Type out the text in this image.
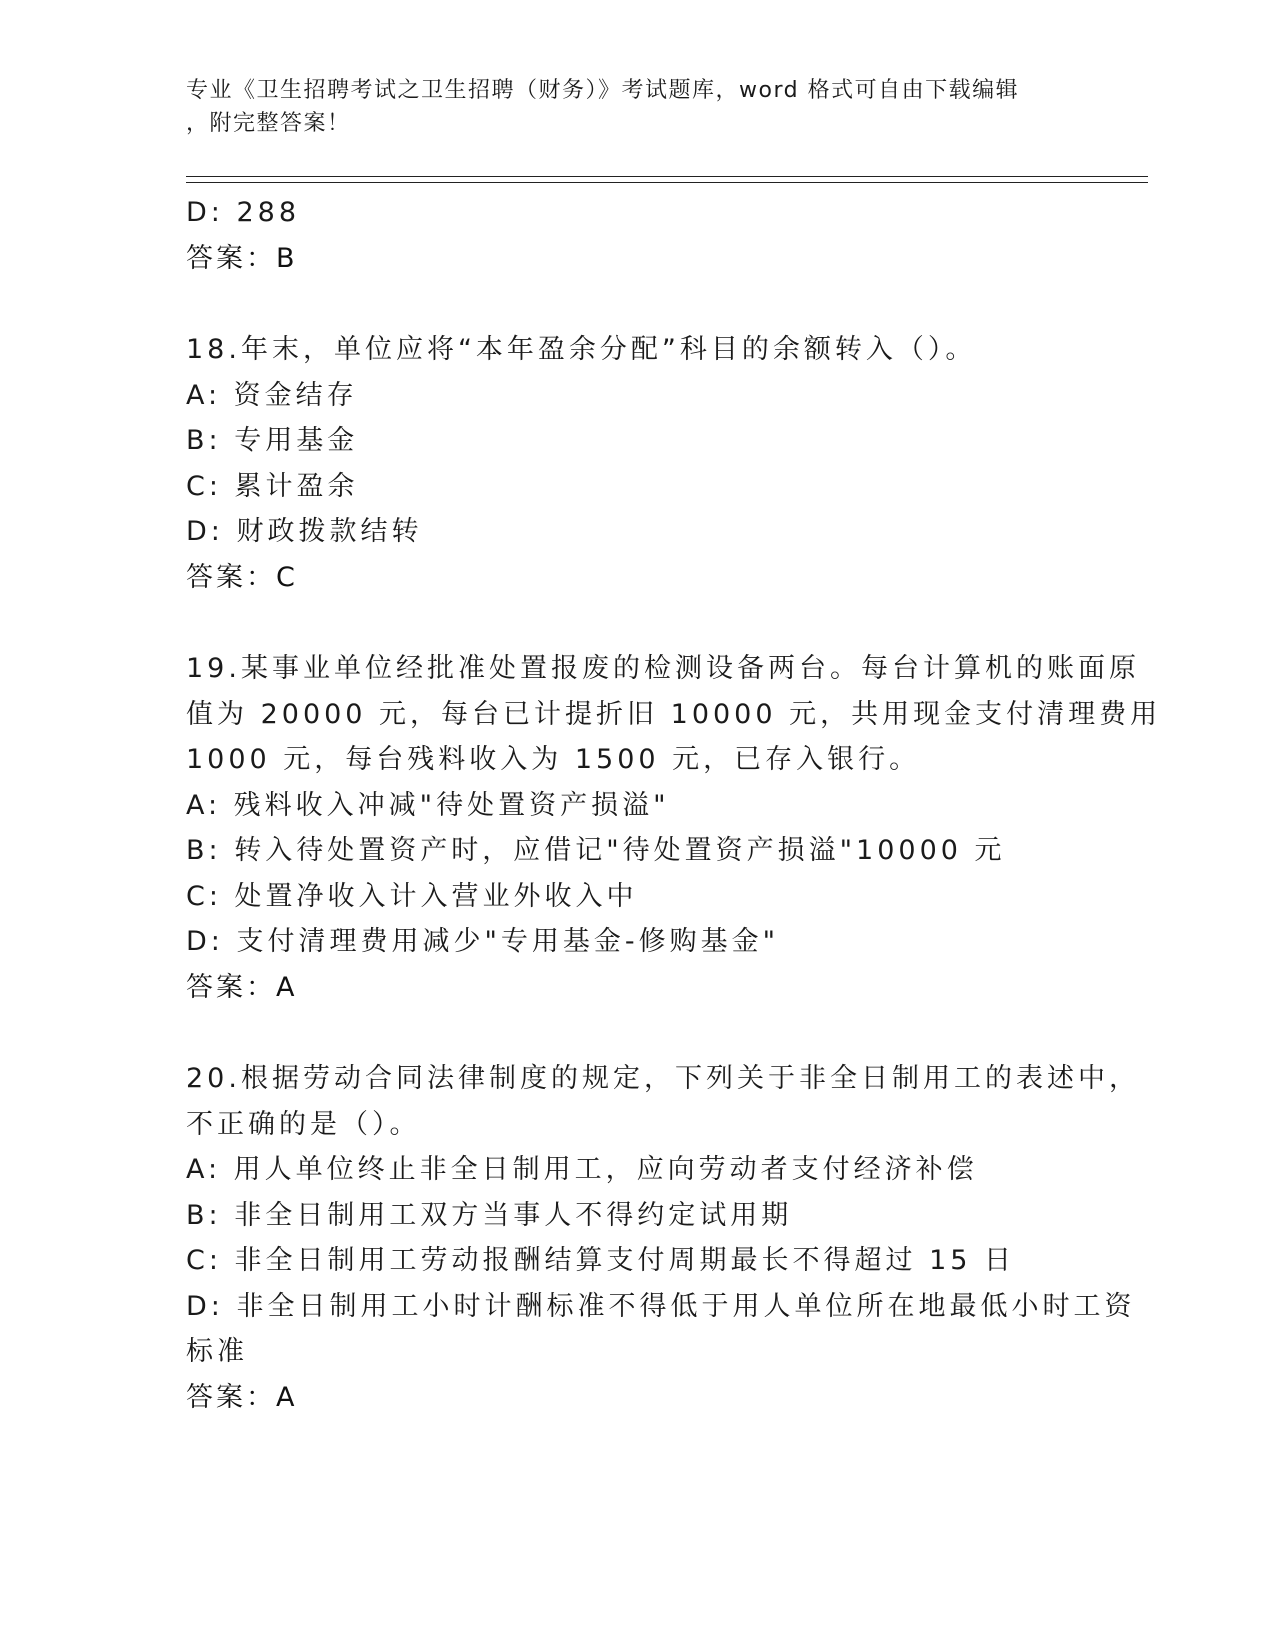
专业《卫生招聘考试之卫生招聘（财务）》考试题库，word 格式可自由下载编辑
，附完整答案！
D: 288
答案：B
18.年末，单位应将“本年盈余分配”科目的余额转入（）。
A: 资金结存
B: 专用基金
C: 累计盈余
D: 财政拨款结转
答案：C
19.某事业单位经批准处置报废的检测设备两台。每台计算机的账面原
值为 20000 元，每台已计提折旧 10000 元，共用现金支付清理费用
1000 元，每台残料收入为 1500 元，已存入银行。
A: 残料收入冲减"待处置资产损溢"
B: 转入待处置资产时，应借记"待处置资产损溢"10000 元
C: 处置净收入计入营业外收入中
D: 支付清理费用减少"专用基金-修购基金"
答案：A
20.根据劳动合同法律制度的规定，下列关于非全日制用工的表述中，
不正确的是（）。
A: 用人单位终止非全日制用工，应向劳动者支付经济补偿
B: 非全日制用工双方当事人不得约定试用期
C: 非全日制用工劳动报酬结算支付周期最长不得超过 15 日
D: 非全日制用工小时计酬标准不得低于用人单位所在地最低小时工资
标准
答案：A
